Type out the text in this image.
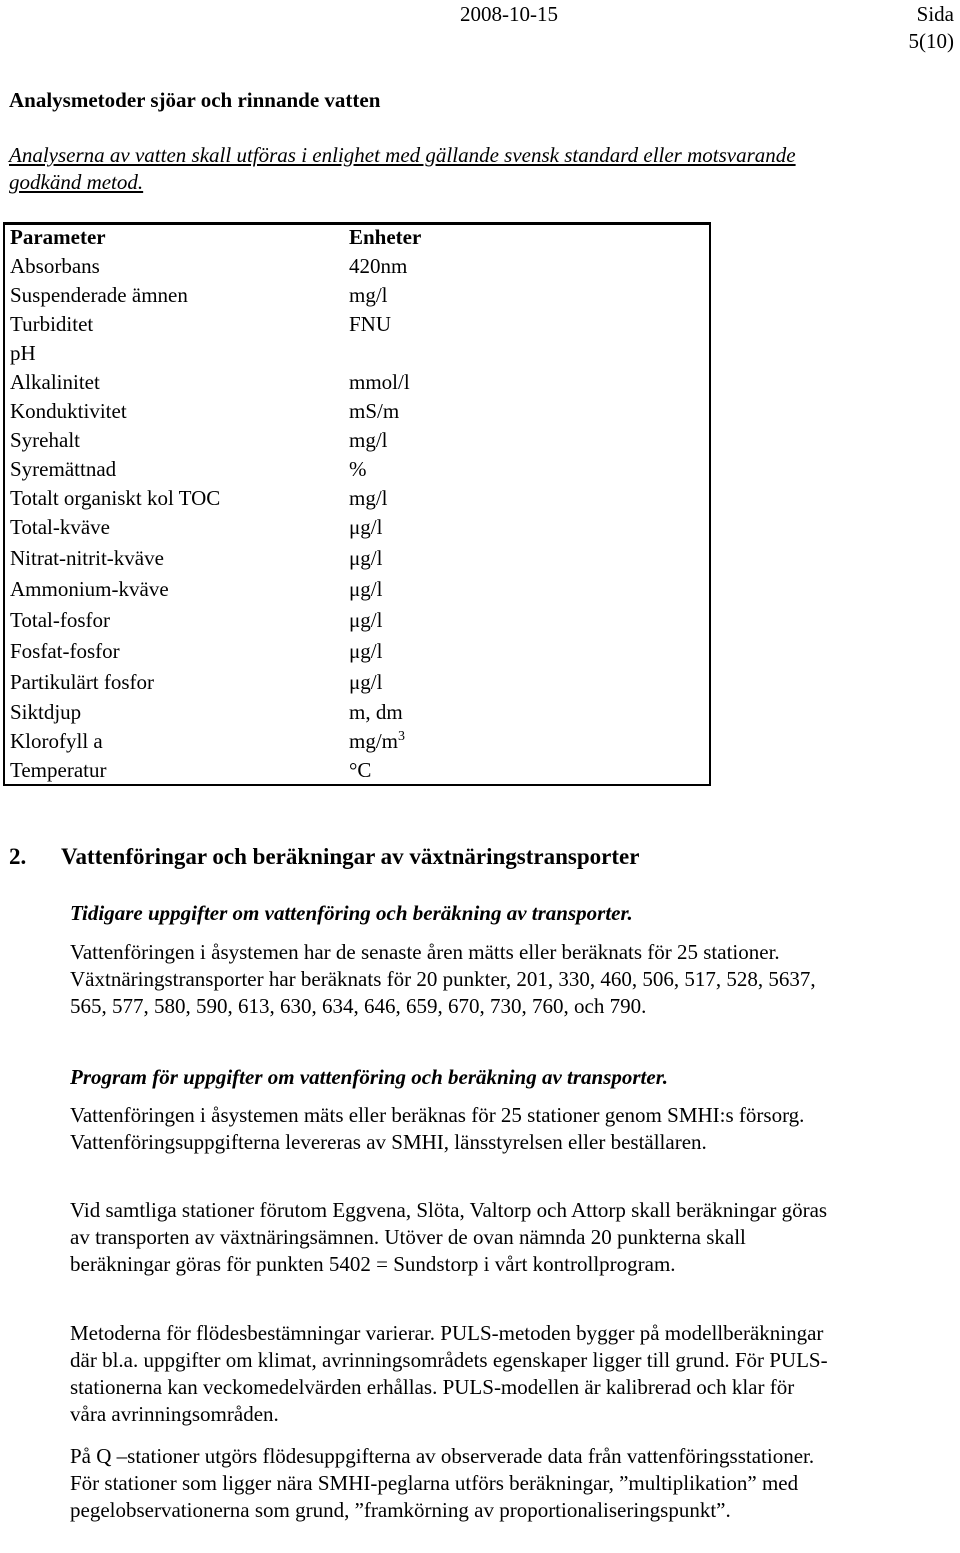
2008-10-15	Sida
5(10)
Analysmetoder sjöar och rinnande vatten
Analyserna av vatten skall utföras i enlighet med gällande svensk standard eller motsvarande godkänd metod.
Parameter	Enheter
Absorbans	420nm
Suspenderade ämnen	mg/l
Turbiditet	FNU
pH
Alkalinitet	mmol/l
Konduktivitet	mS/m
Syrehalt	mg/l
Syremättnad	%
Totalt organiskt kol TOC	mg/l
Total-kväve	μg/l
Nitrat-nitrit-kväve	μg/l
Ammonium-kväve	μg/l
Total-fosfor	μg/l
Fosfat-fosfor	μg/l
Partikulärt fosfor	μg/l
Siktdjup	m, dm
Klorofyll a	$mg/m^3$
Temperatur	°C
2. Vattenföringar och beräkningar av växtnäringstransporter
Tidigare uppgifter om vattenföring och beräkning av transporter.
Vattenföringen i åsystemen har de senaste åren mätts eller beräknats för 25 stationer. Växtnäringstransporter har beräknats för 20 punkter, 201, 330, 460, 506, 517, 528, 5637, 565, 577, 580, 590, 613, 630, 634, 646, 659, 670, 730, 760, och 790.
Program för uppgifter om vattenföring och beräkning av transporter.
Vattenföringen i åsystemen mäts eller beräknas för 25 stationer genom SMHI:s försorg. Vattenföringsuppgifterna levereras av SMHI, länsstyrelsen eller beställaren.
Vid samtliga stationer förutom Eggvena, Slöta, Valtorp och Attorp skall beräkningar göras av transporten av växtnäringsämnen. Utöver de ovan nämnda 20 punkterna skall beräkningar göras för punkten 5402 = Sundstorp i vårt kontrollprogram.
Metoderna för flödesbestämningar varierar. PULS-metoden bygger på modellberäkningar där bl.a. uppgifter om klimat, avrinningsområdets egenskaper ligger till grund. För PULS-stationerna kan veckomedelvärden erhållas. PULS-modellen är kalibrerad och klar för våra avrinningsområden.
På Q –stationer utgörs flödesuppgifterna av observerade data från vattenföringsstationer. För stationer som ligger nära SMHI-peglarna utförs beräkningar, ”multiplikation” med pegelobservationerna som grund, ”framkörning av proportionaliseringspunkt”.
